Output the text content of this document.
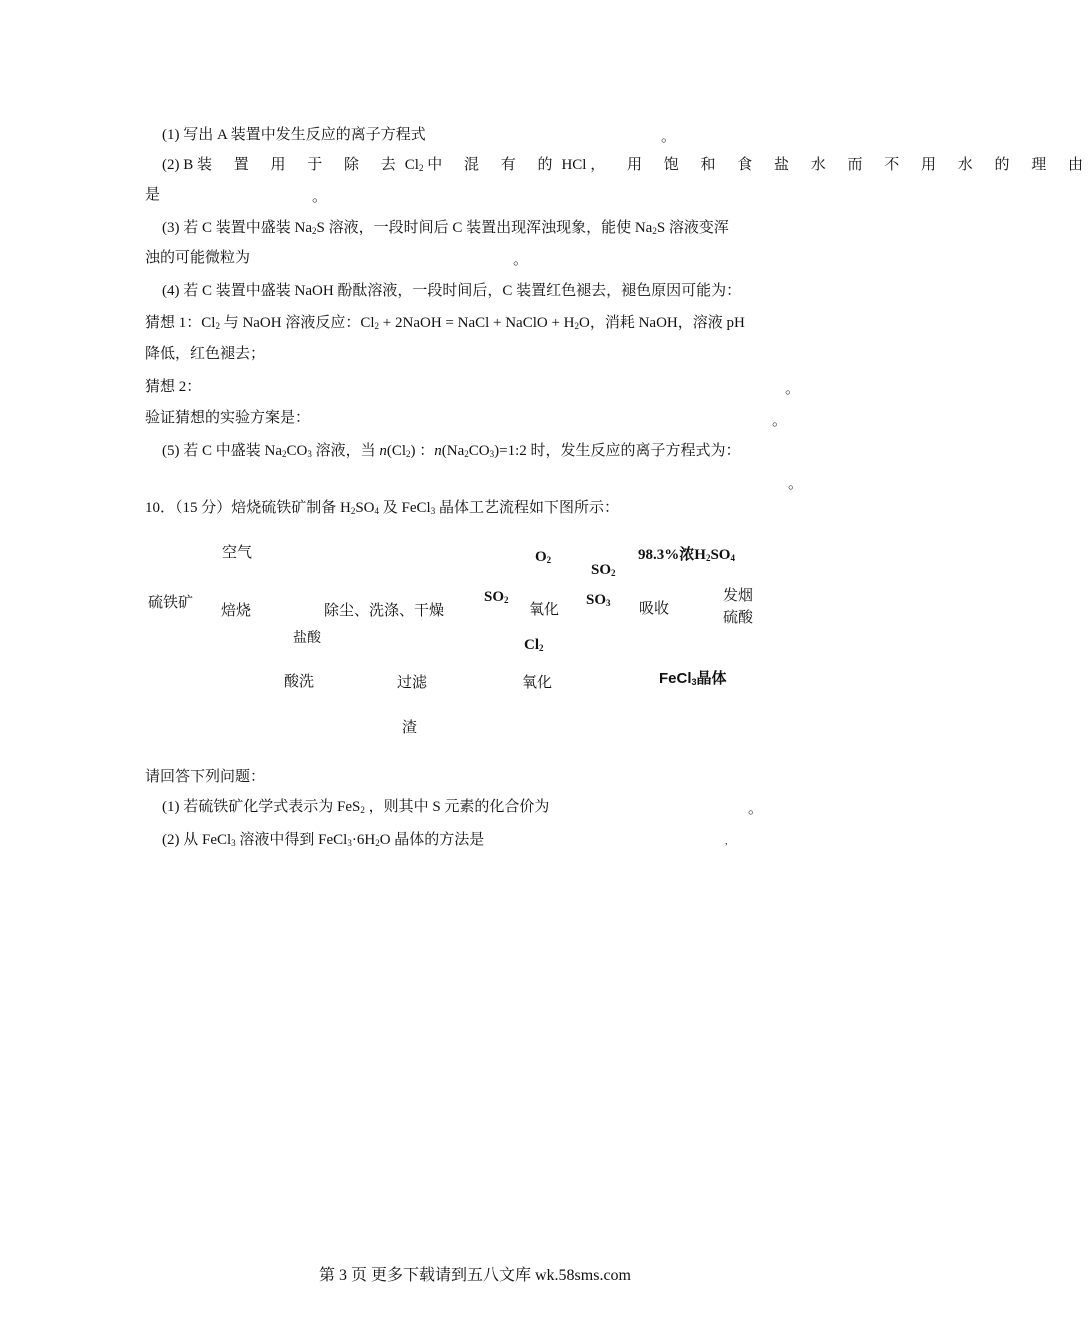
(1) 写出 A 装置中发生反应的离子方程式	。
(2) B 装 置 用 于 除 去$Cl_2$ 中 混 有 的HCl ， 用 饱 和 食 盐 水 而 不 用 水 的 理 由
是	。
(3) 若 C 装置中盛装 $Na_2S$ 溶液，一段时间后 C 装置出现浑浊现象，能使 $Na_2S$ 溶液变浑
浊的可能微粒为	。
(4) 若 C 装置中盛装 NaOH 酚酞溶液，一段时间后，C 装置红色褪去，褪色原因可能为：
猜想 1：$Cl_2$ 与 NaOH 溶液反应：$Cl_2$ + 2NaOH = NaCl + NaClO + $H_2O$，消耗 NaOH，溶液 pH
降低，红色褪去；
猜想 2：	。
验证猜想的实验方案是：	。
(5) 若 C 中盛装 $Na_2CO_3$ 溶液，当 $n(Cl_2)$ ：$n(Na_2CO_3)=1:2$ 时，发生反应的离子方程式为：
。
10．（15 分）焙烧硫铁矿制备 $H_2SO_4$ 及 FeCl$_3$ 晶体工艺流程如下图所示：
空气
硫铁矿 焙烧	除尘、洗涤、干燥
盐酸
$SO_2$
$O_2$
氧化
$SO_2$
$SO_3$
98.3%浓$H_2SO_4$
吸收
发烟
硫酸
酸洗	过滤
$Cl_2$
氧化	FeCl$_3$晶体
渣
请回答下列问题：
(1) 若硫铁矿化学式表示为 FeS$_2$ ，则其中 S 元素的化合价为	。
(2) 从 FeCl$_3$ 溶液中得到 $FeCl_3\cdot 6H_2O$ 晶体的方法是	,
第 3 页 更多下载请到五八文库 wk.58sms.com
